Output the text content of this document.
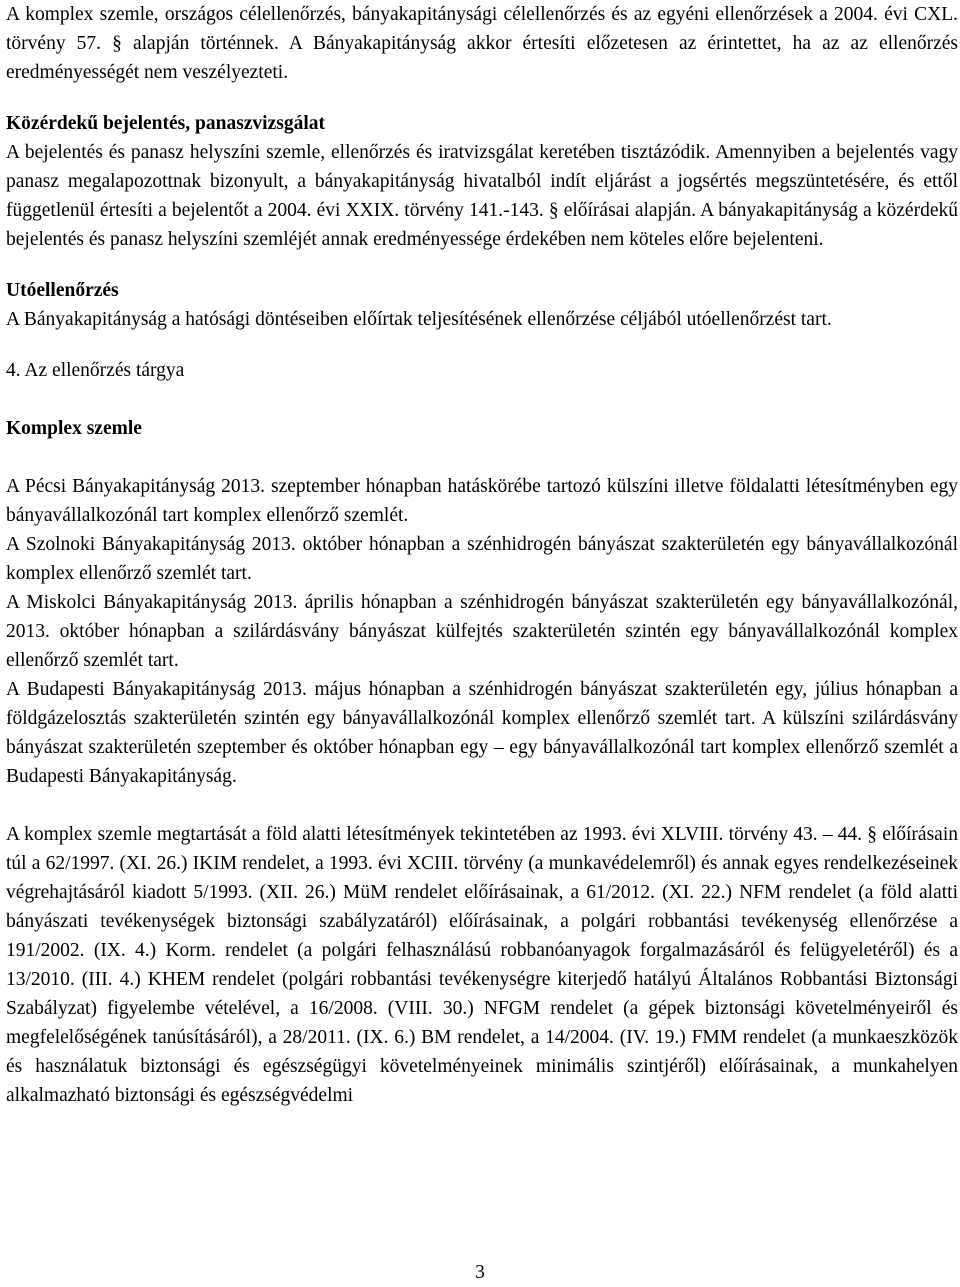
A komplex szemle, országos célellenőrzés, bányakapitánysági célellenőrzés és az egyéni ellenőrzések a 2004. évi CXL. törvény 57. § alapján történnek. A Bányakapitányság akkor értesíti előzetesen az érintettet, ha az az ellenőrzés eredményességét nem veszélyezteti.

Közérdekű bejelentés, panaszvizsgálat

A bejelentés és panasz helyszíni szemle, ellenőrzés és iratvizsgálat keretében tisztázódik. Amennyiben a bejelentés vagy panasz megalapozottnak bizonyult, a bányakapitányság hivatalból indít eljárást a jogsértés megszüntetésére, és ettől függetlenül értesíti a bejelentőt a 2004. évi XXIX. törvény 141.-143. § előírásai alapján. A bányakapitányság a közérdekű bejelentés és panasz helyszíni szemléjét annak eredményessége érdekében nem köteles előre bejelenteni.

Utóellenőrzés

A Bányakapitányság a hatósági döntéseiben előírtak teljesítésének ellenőrzése céljából utóellenőrzést tart.

4. Az ellenőrzés tárgya
Komplex szemle

A Pécsi Bányakapitányság 2013. szeptember hónapban hatáskörébe tartozó külszíni illetve földalatti létesítményben egy bányavállalkozónál tart komplex ellenőrző szemlét.

A Szolnoki Bányakapitányság 2013. október hónapban a szénhidrogén bányászat szakterületén egy bányavállalkozónál komplex ellenőrző szemlét tart.

A Miskolci Bányakapitányság 2013. április hónapban a szénhidrogén bányászat szakterületén egy bányavállalkozónál, 2013. október hónapban a szilárdásvány bányászat külfejtés szakterületén szintén egy bányavállalkozónál komplex ellenőrző szemlét tart.

A Budapesti Bányakapitányság 2013. május hónapban a szénhidrogén bányászat szakterületén egy, július hónapban a földgázelosztás szakterületén szintén egy bányavállalkozónál komplex ellenőrző szemlét tart. A külszíni szilárdásvány bányászat szakterületén szeptember és október hónapban egy – egy bányavállalkozónál tart komplex ellenőrző szemlét a Budapesti Bányakapitányság.

A komplex szemle megtartását a föld alatti létesítmények tekintetében az 1993. évi XLVIII. törvény 43. – 44. § előírásain túl a 62/1997. (XI. 26.) IKIM rendelet, a 1993. évi XCIII. törvény (a munkavédelemről) és annak egyes rendelkezéseinek végrehajtásáról kiadott 5/1993. (XII. 26.) MüM rendelet előírásainak, a 61/2012. (XI. 22.) NFM rendelet (a föld alatti bányászati tevékenységek biztonsági szabályzatáról) előírásainak, a polgári robbantási tevékenység ellenőrzése a 191/2002. (IX. 4.) Korm. rendelet (a polgári felhasználású robbanóanyagok forgalmazásáról és felügyeletéről) és a 13/2010. (III. 4.) KHEM rendelet (polgári robbantási tevékenységre kiterjedő hatályú Általános Robbantási Biztonsági Szabályzat) figyelembe vételével, a 16/2008. (VIII. 30.) NFGM rendelet (a gépek biztonsági követelményeiről és megfelelőségének tanúsításáról), a 28/2011. (IX. 6.) BM rendelet, a 14/2004. (IV. 19.) FMM rendelet (a munkaeszközök és használatuk biztonsági és egészségügyi követelményeinek minimális szintjéről) előírásainak, a munkahelyen alkalmazható biztonsági és egészségvédelmi

3
